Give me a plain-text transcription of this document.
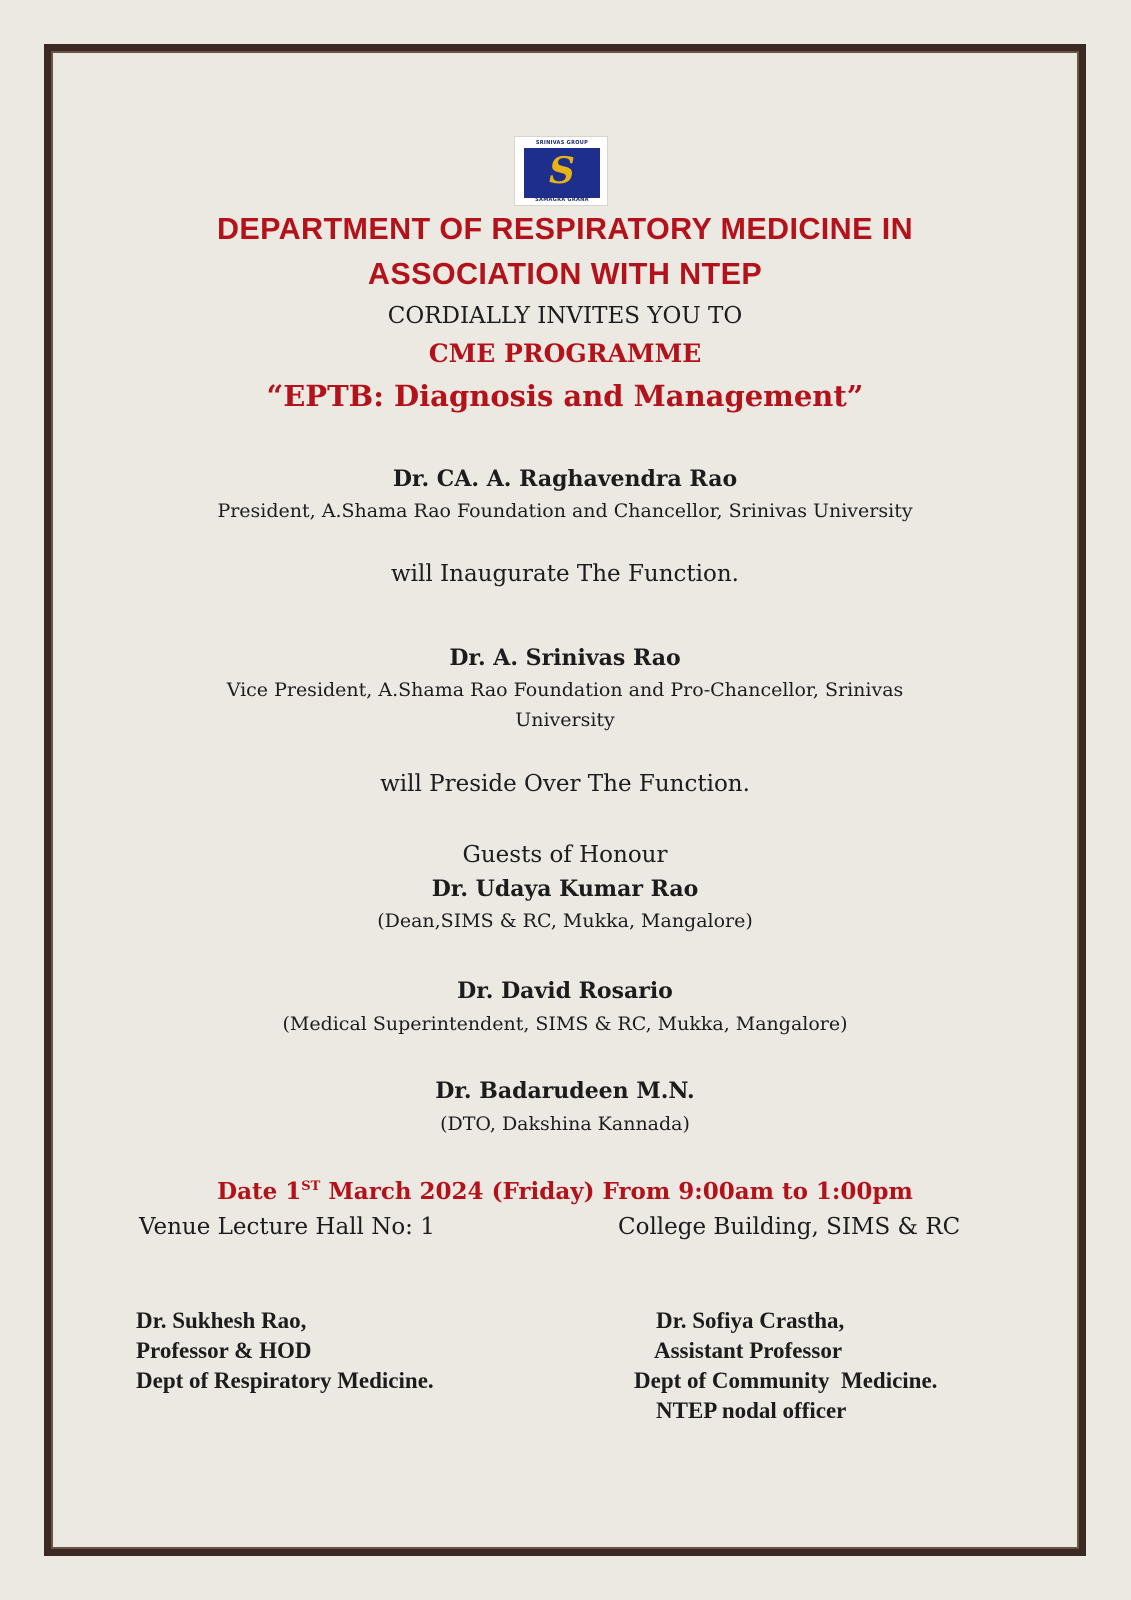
SRINIVAS GROUP
S
SAMAGRA GRANA
DEPARTMENT OF RESPIRATORY MEDICINE IN
ASSOCIATION WITH NTEP
CORDIALLY INVITES YOU TO
CME PROGRAMME
“EPTB: Diagnosis and Management”
Dr. CA. A. Raghavendra Rao
President, A.Shama Rao Foundation and Chancellor, Srinivas University
will Inaugurate The Function.
Dr. A. Srinivas Rao
Vice President, A.Shama Rao Foundation and Pro-Chancellor, Srinivas
University
will Preside Over The Function.
Guests of Honour
Dr. Udaya Kumar Rao
(Dean,SIMS & RC, Mukka, Mangalore)
Dr. David Rosario
(Medical Superintendent, SIMS & RC, Mukka, Mangalore)
Dr. Badarudeen M.N.
(DTO, Dakshina Kannada)
Date 1ST March 2024 (Friday) From 9:00am to 1:00pm
Venue Lecture Hall No: 1	College Building, SIMS & RC
Dr. Sukhesh Rao,
Professor & HOD
Dept of Respiratory Medicine.
Dr. Sofiya Crastha,
Assistant Professor
Dept of Community  Medicine.
NTEP nodal officer
